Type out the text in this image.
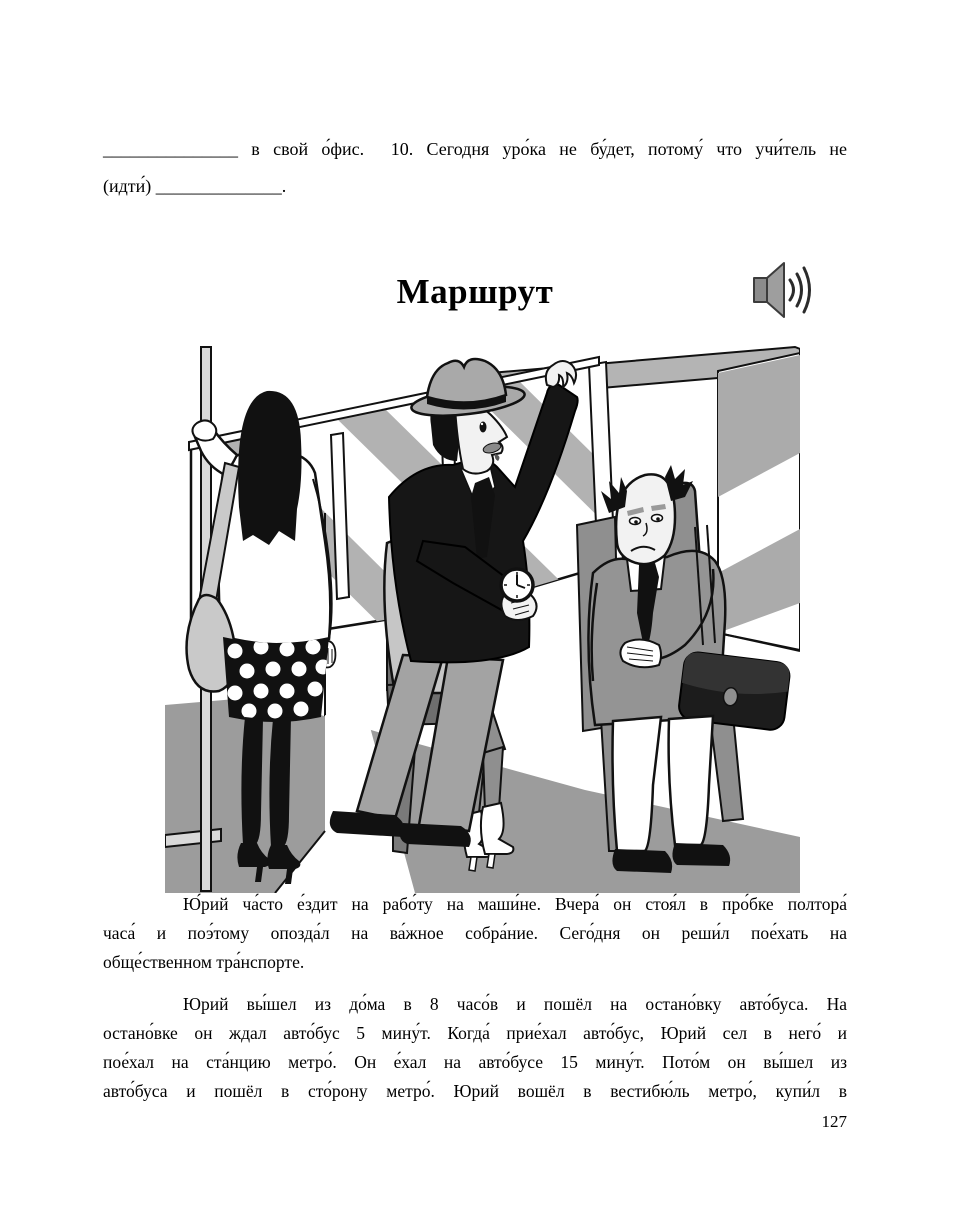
_______________ в свой о́фис.  10. Сегодня уро́ка не бу́дет, потому́ что учи́тель не
(идти́) ______________.
Маршрут
Ю́рий ча́сто е́здит на рабо́ту на маши́не. Вчера́ он стоя́л в про́бке полтора́
часа́ и поэ́тому опозда́л на ва́жное собра́ние. Сего́дня он реши́л пое́хать на
обще́ственном тра́нспорте.
Юрий вы́шел из до́ма в 8 часо́в и пошёл на остано́вку авто́буса. На
остано́вке он ждал авто́бус 5 мину́т. Когда́ прие́хал авто́бус, Юрий сел в него́ и
пое́хал на ста́нцию метро́. Он е́хал на авто́бусе 15 мину́т. Пото́м он вы́шел из
авто́буса и пошёл в сто́рону метро́. Юрий вошёл в вестибю́ль метро́, купи́л в
127
